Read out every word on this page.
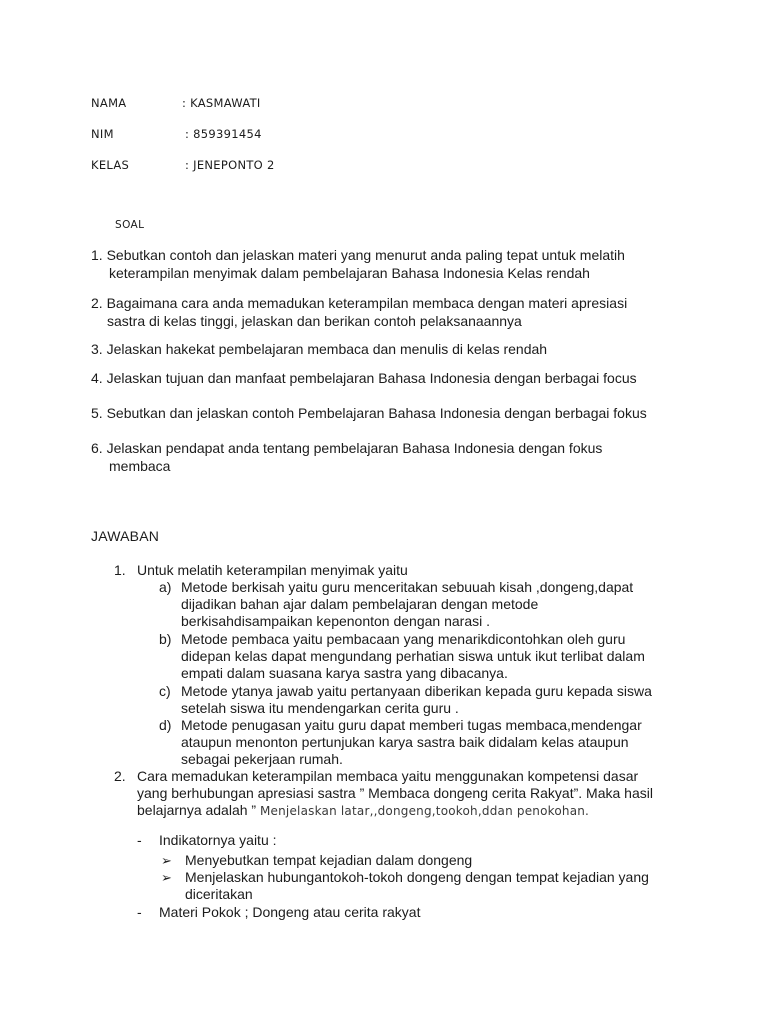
NAMA	: KASMAWATI
NIM	: 859391454
KELAS	: JENEPONTO 2
SOAL
1. Sebutkan contoh dan jelaskan materi yang menurut anda paling tepat untuk melatih
keterampilan menyimak dalam pembelajaran Bahasa Indonesia Kelas rendah
2. Bagaimana cara anda memadukan keterampilan membaca dengan materi apresiasi
sastra di kelas tinggi, jelaskan dan berikan contoh pelaksanaannya
3. Jelaskan hakekat pembelajaran membaca dan menulis di kelas rendah
4. Jelaskan tujuan dan manfaat pembelajaran Bahasa Indonesia dengan berbagai focus
5. Sebutkan dan jelaskan contoh Pembelajaran Bahasa Indonesia dengan berbagai fokus
6. Jelaskan pendapat anda tentang pembelajaran Bahasa Indonesia dengan fokus
membaca
JAWABAN
1. Untuk melatih keterampilan menyimak yaitu
a) Metode berkisah yaitu guru menceritakan sebuuah kisah ,dongeng,dapat
dijadikan bahan ajar dalam pembelajaran dengan metode
berkisahdisampaikan kepenonton dengan narasi .
b) Metode pembaca yaitu pembacaan yang menarikdicontohkan oleh guru
didepan kelas dapat mengundang perhatian siswa untuk ikut terlibat dalam
empati dalam suasana karya sastra yang dibacanya.
c) Metode ytanya jawab yaitu pertanyaan diberikan kepada guru kepada siswa
setelah siswa itu mendengarkan cerita guru .
d) Metode penugasan yaitu guru dapat memberi tugas membaca,mendengar
ataupun menonton pertunjukan karya sastra baik didalam kelas ataupun
sebagai pekerjaan rumah.
2. Cara memadukan keterampilan membaca yaitu menggunakan kompetensi dasar
yang berhubungan apresiasi sastra ” Membaca dongeng cerita Rakyat”. Maka hasil
belajarnya adalah ” Menjelaskan latar,,dongeng,tookoh,ddan penokohan.
- Indikatornya yaitu :
➢ Menyebutkan tempat kejadian dalam dongeng
➢ Menjelaskan hubungantokoh-tokoh dongeng dengan tempat kejadian yang
diceritakan
- Materi Pokok ; Dongeng atau cerita rakyat
